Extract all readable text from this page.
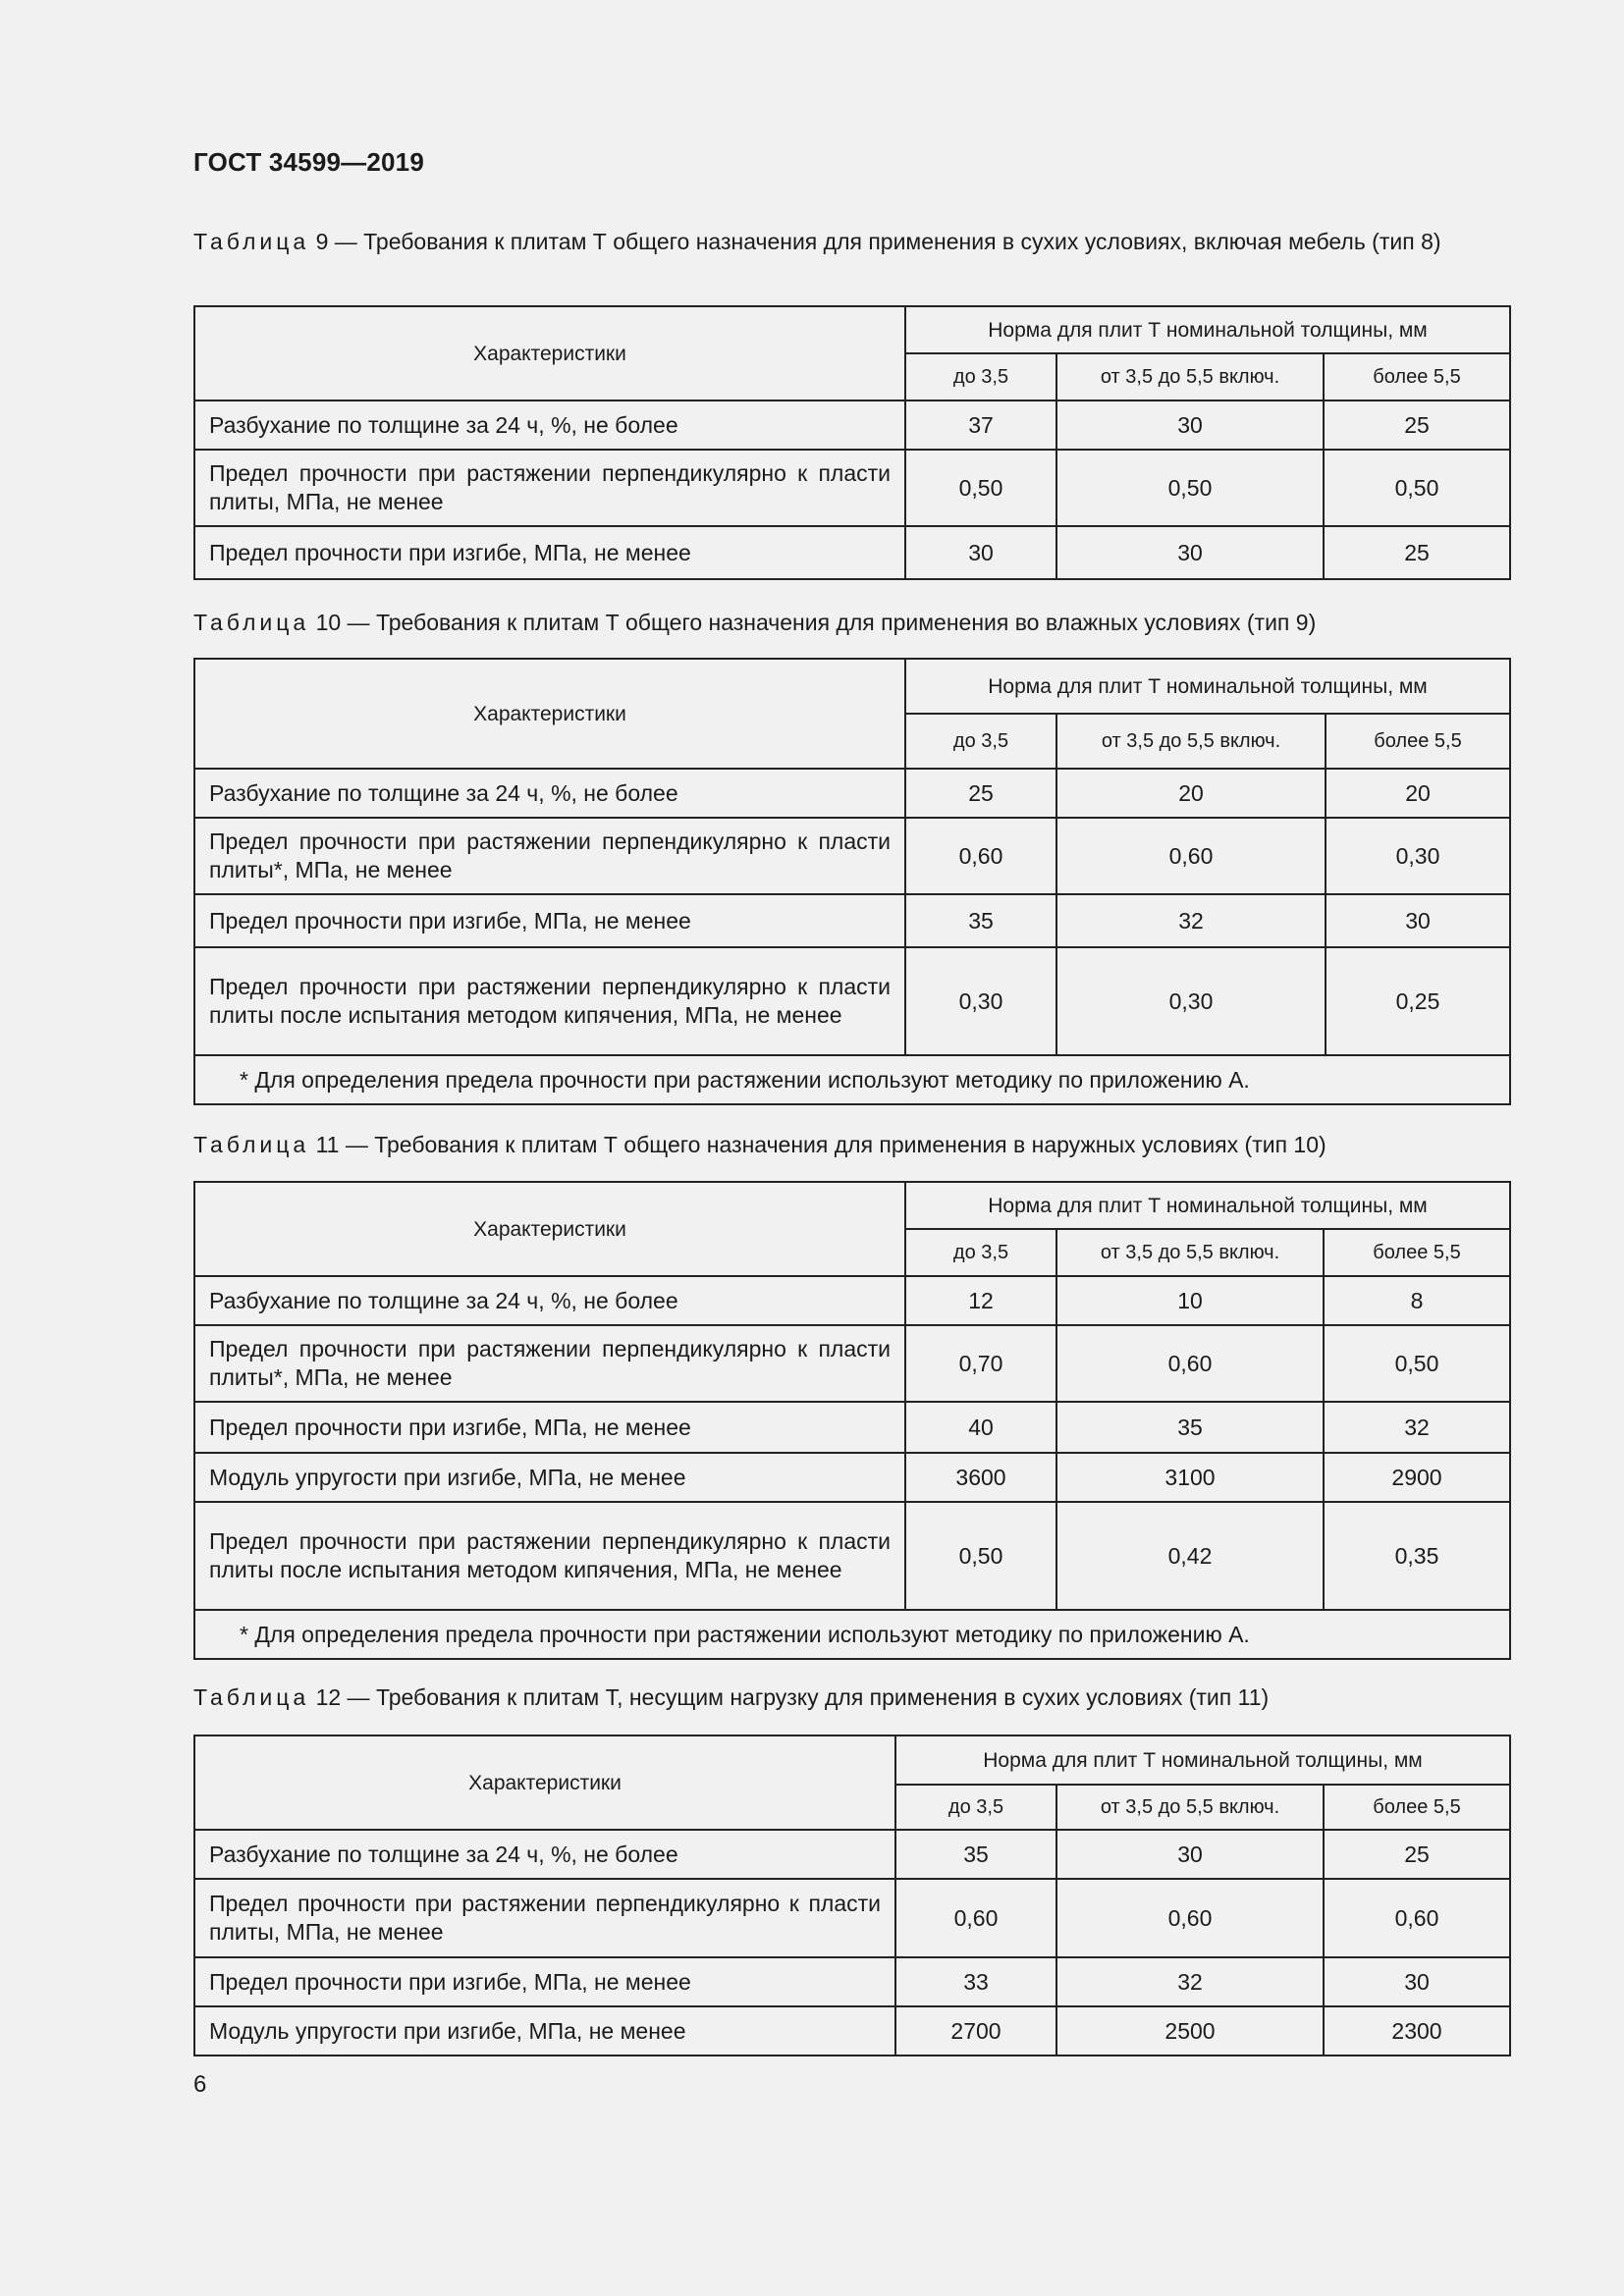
ГОСТ 34599—2019
Таблица 9 — Требования к плитам Т общего назначения для применения в сухих условиях, включая мебель (тип 8)
Характеристики	Норма для плит Т номинальной толщины, мм		
	до 3,5	от 3,5 до 5,5 включ.	более 5,5
Разбухание по толщине за 24 ч, %, не более	37	30	25
Предел прочности при растяжении перпендикулярно к пласти плиты, МПа, не менее	0,50	0,50	0,50
Предел прочности при изгибе, МПа, не менее	30	30	25
Таблица 10 — Требования к плитам Т общего назначения для применения во влажных условиях (тип 9)
Характеристики	Норма для плит Т номинальной толщины, мм		
	до 3,5	от 3,5 до 5,5 включ.	более 5,5
Разбухание по толщине за 24 ч, %, не более	25	20	20
Предел прочности при растяжении перпендикулярно к пласти плиты*, МПа, не менее	0,60	0,60	0,30
Предел прочности при изгибе, МПа, не менее	35	32	30
Предел прочности при растяжении перпендикулярно к пласти плиты после испытания методом кипячения, МПа, не менее	0,30	0,30	0,25
* Для определения предела прочности при растяжении используют методику по приложению А.			
Таблица 11 — Требования к плитам Т общего назначения для применения в наружных условиях (тип 10)
Характеристики	Норма для плит Т номинальной толщины, мм		
	до 3,5	от 3,5 до 5,5 включ.	более 5,5
Разбухание по толщине за 24 ч, %, не более	12	10	8
Предел прочности при растяжении перпендикулярно к пласти плиты*, МПа, не менее	0,70	0,60	0,50
Предел прочности при изгибе, МПа, не менее	40	35	32
Модуль упругости при изгибе, МПа, не менее	3600	3100	2900
Предел прочности при растяжении перпендикулярно к пласти плиты после испытания методом кипячения, МПа, не менее	0,50	0,42	0,35
* Для определения предела прочности при растяжении используют методику по приложению А.			
Таблица 12 — Требования к плитам Т, несущим нагрузку для применения в сухих условиях (тип 11)
Характеристики	Норма для плит Т номинальной толщины, мм		
	до 3,5	от 3,5 до 5,5 включ.	более 5,5
Разбухание по толщине за 24 ч, %, не более	35	30	25
Предел прочности при растяжении перпендикулярно к пласти плиты, МПа, не менее	0,60	0,60	0,60
Предел прочности при изгибе, МПа, не менее	33	32	30
Модуль упругости при изгибе, МПа, не менее	2700	2500	2300
6
